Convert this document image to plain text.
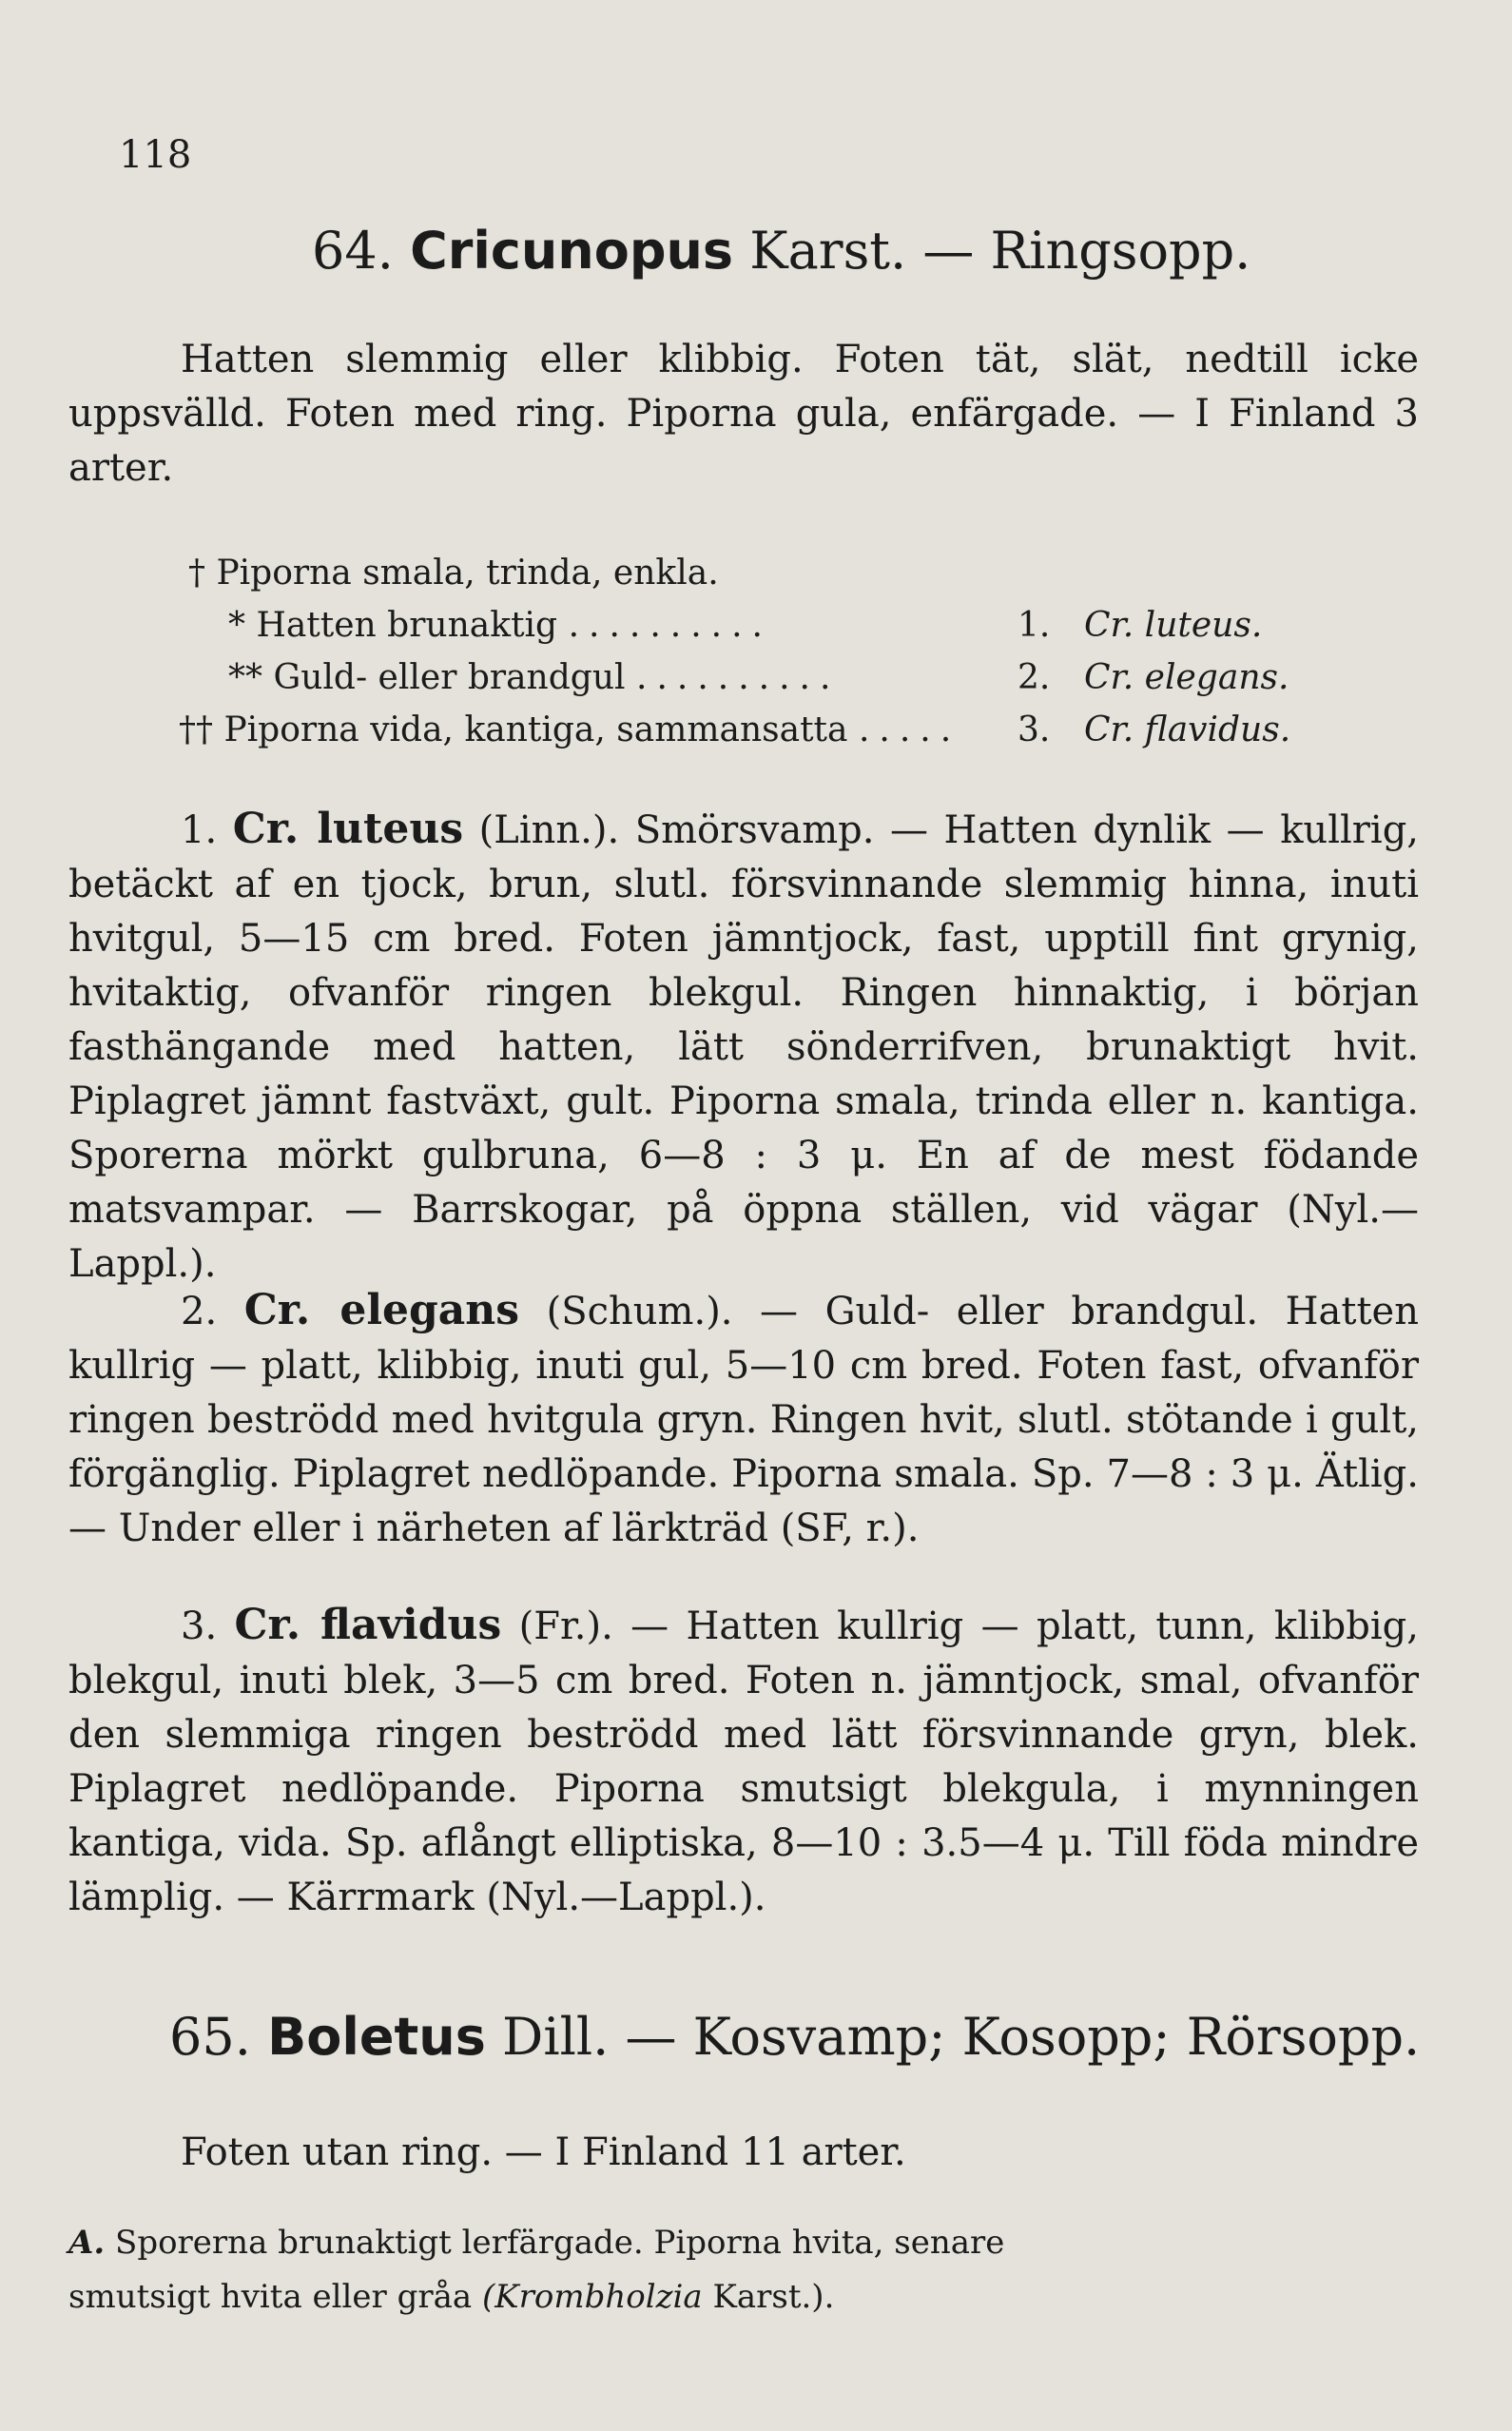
118
64. Cricunopus Karst. — Ringsopp.
Hatten slemmig eller klibbig. Foten tät, slät, nedtill icke uppsvälld. Foten med ring. Piporna gula, enfärgade. — I Finland 3 arter.
† Piporna smala, trinda, enkla.
* Hatten brunaktig ..........	1. Cr. luteus.
** Guld- eller brandgul ..........	2. Cr. elegans.
†† Piporna vida, kantiga, sammansatta ..... 3. Cr. flavidus.
1. Cr. luteus (Linn.). Smörsvamp. — Hatten dynlik — kullrig, betäckt af en tjock, brun, slutl. försvinnande slemmig hinna, inuti hvitgul, 5—15 cm bred. Foten jämntjock, fast, upptill fint grynig, hvitaktig, ofvanför ringen blekgul. Ringen hinnaktig, i början fasthängande med hatten, lätt sönderrifven, brunaktigt hvit. Piplagret jämnt fastväxt, gult. Piporna smala, trinda eller n. kantiga. Sporerna mörkt gulbruna, 6—8 : 3 μ. En af de mest födande matsvampar. — Barrskogar, på öppna ställen, vid vägar (Nyl.—Lappl.).
2. Cr. elegans (Schum.). — Guld- eller brandgul. Hatten kullrig — platt, klibbig, inuti gul, 5—10 cm bred. Foten fast, ofvanför ringen beströdd med hvitgula gryn. Ringen hvit, slutl. stötande i gult, förgänglig. Piplagret nedlöpande. Piporna smala. Sp. 7—8 : 3 μ. Ätlig. — Under eller i närheten af lärkträd (SF, r.).
3. Cr. flavidus (Fr.). — Hatten kullrig — platt, tunn, klibbig, blekgul, inuti blek, 3—5 cm bred. Foten n. jämntjock, smal, ofvanför den slemmiga ringen beströdd med lätt försvinnande gryn, blek. Piplagret nedlöpande. Piporna smutsigt blekgula, i mynningen kantiga, vida. Sp. aflångt elliptiska, 8—10 : 3.5—4 μ. Till föda mindre lämplig. — Kärrmark (Nyl.—Lappl.).
65. Boletus Dill. — Kosvamp; Kosopp; Rörsopp.
Foten utan ring. — I Finland 11 arter.
A. Sporerna brunaktigt lerfärgade. Piporna hvita, senare smutsigt hvita eller gråa (Krombholzia Karst.).
